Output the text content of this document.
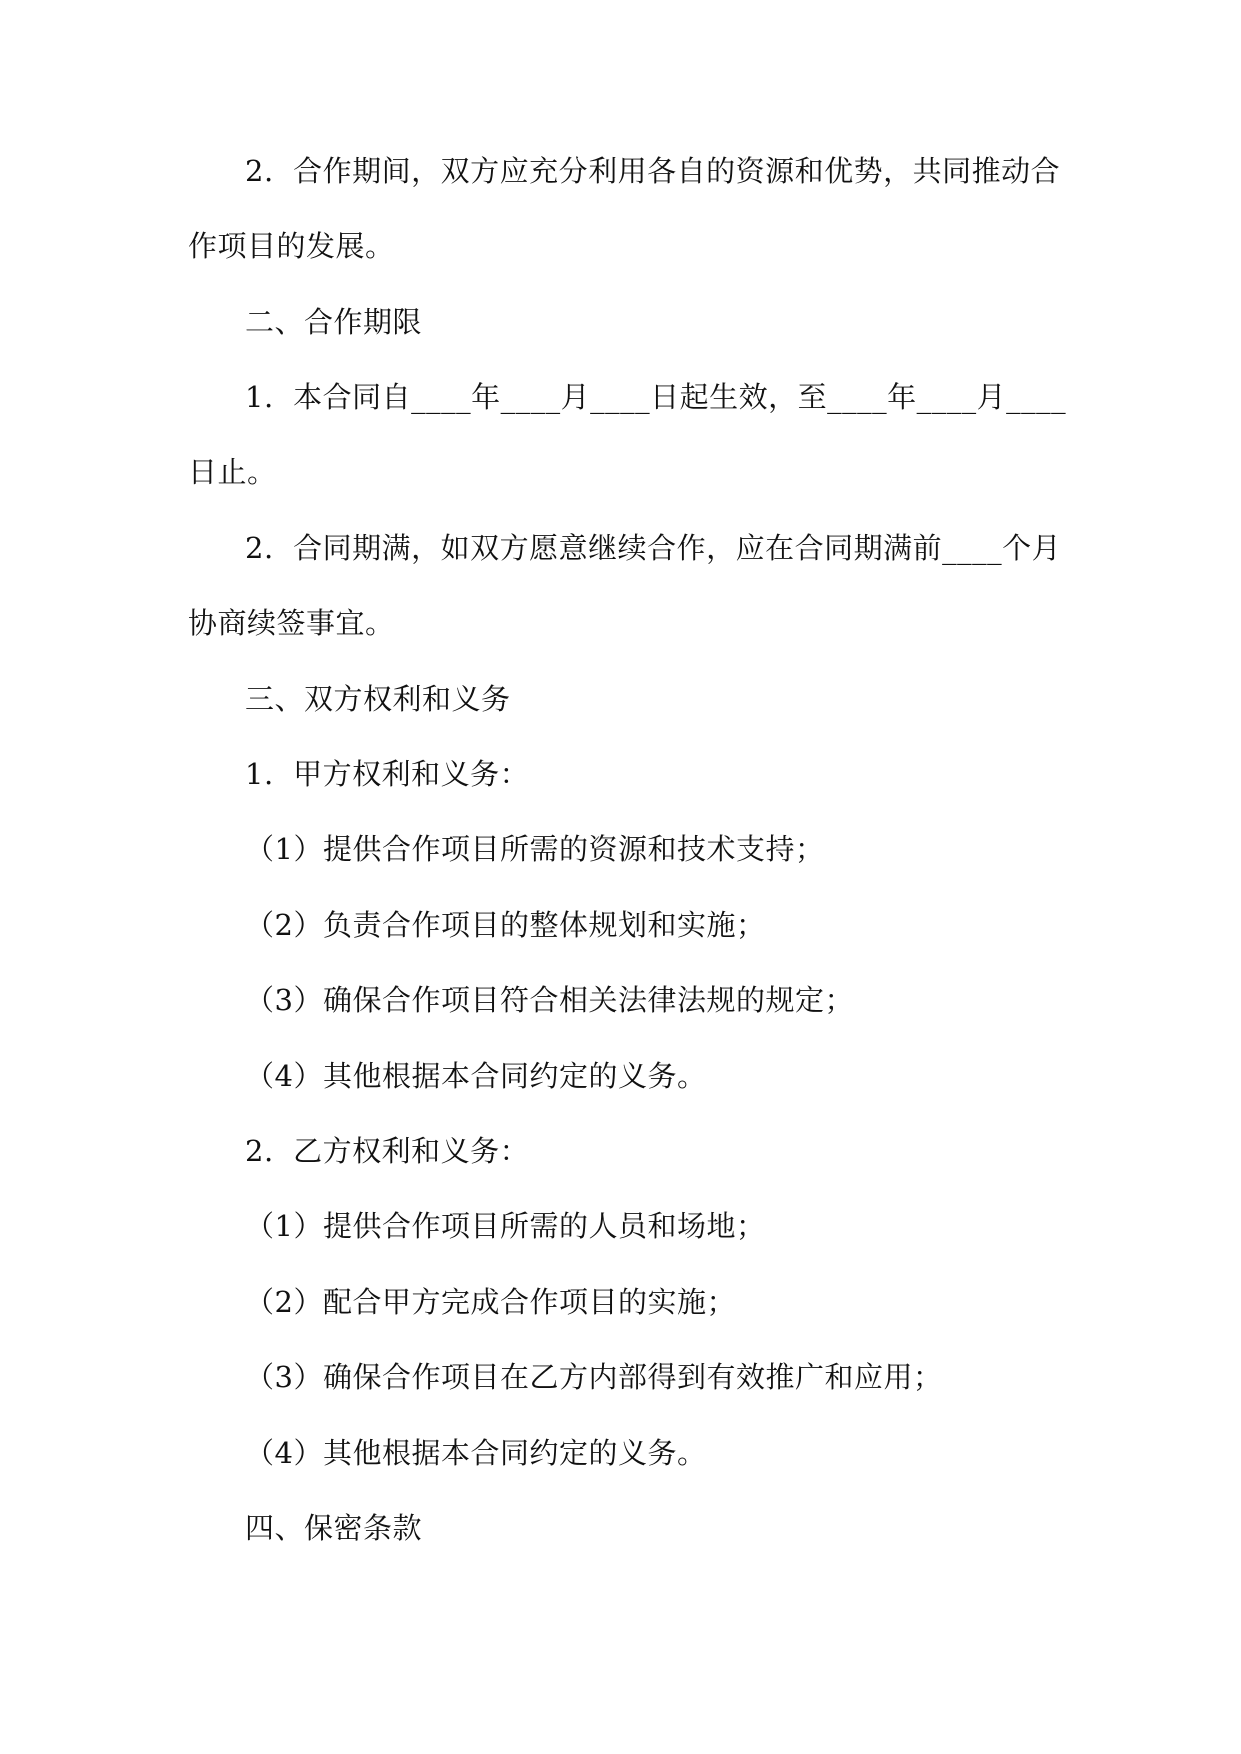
2.  合作期间，双方应充分利用各自的资源和优势，共同推动合
作项目的发展。
二、合作期限
1.  本合同自____年____月____日起生效，至____年____月____
日止。
2.  合同期满，如双方愿意继续合作，应在合同期满前____个月
协商续签事宜。
三、双方权利和义务
1.  甲方权利和义务：
（1）提供合作项目所需的资源和技术支持；
（2）负责合作项目的整体规划和实施；
（3）确保合作项目符合相关法律法规的规定；
（4）其他根据本合同约定的义务。
2.  乙方权利和义务：
（1）提供合作项目所需的人员和场地；
（2）配合甲方完成合作项目的实施；
（3）确保合作项目在乙方内部得到有效推广和应用；
（4）其他根据本合同约定的义务。
四、保密条款
